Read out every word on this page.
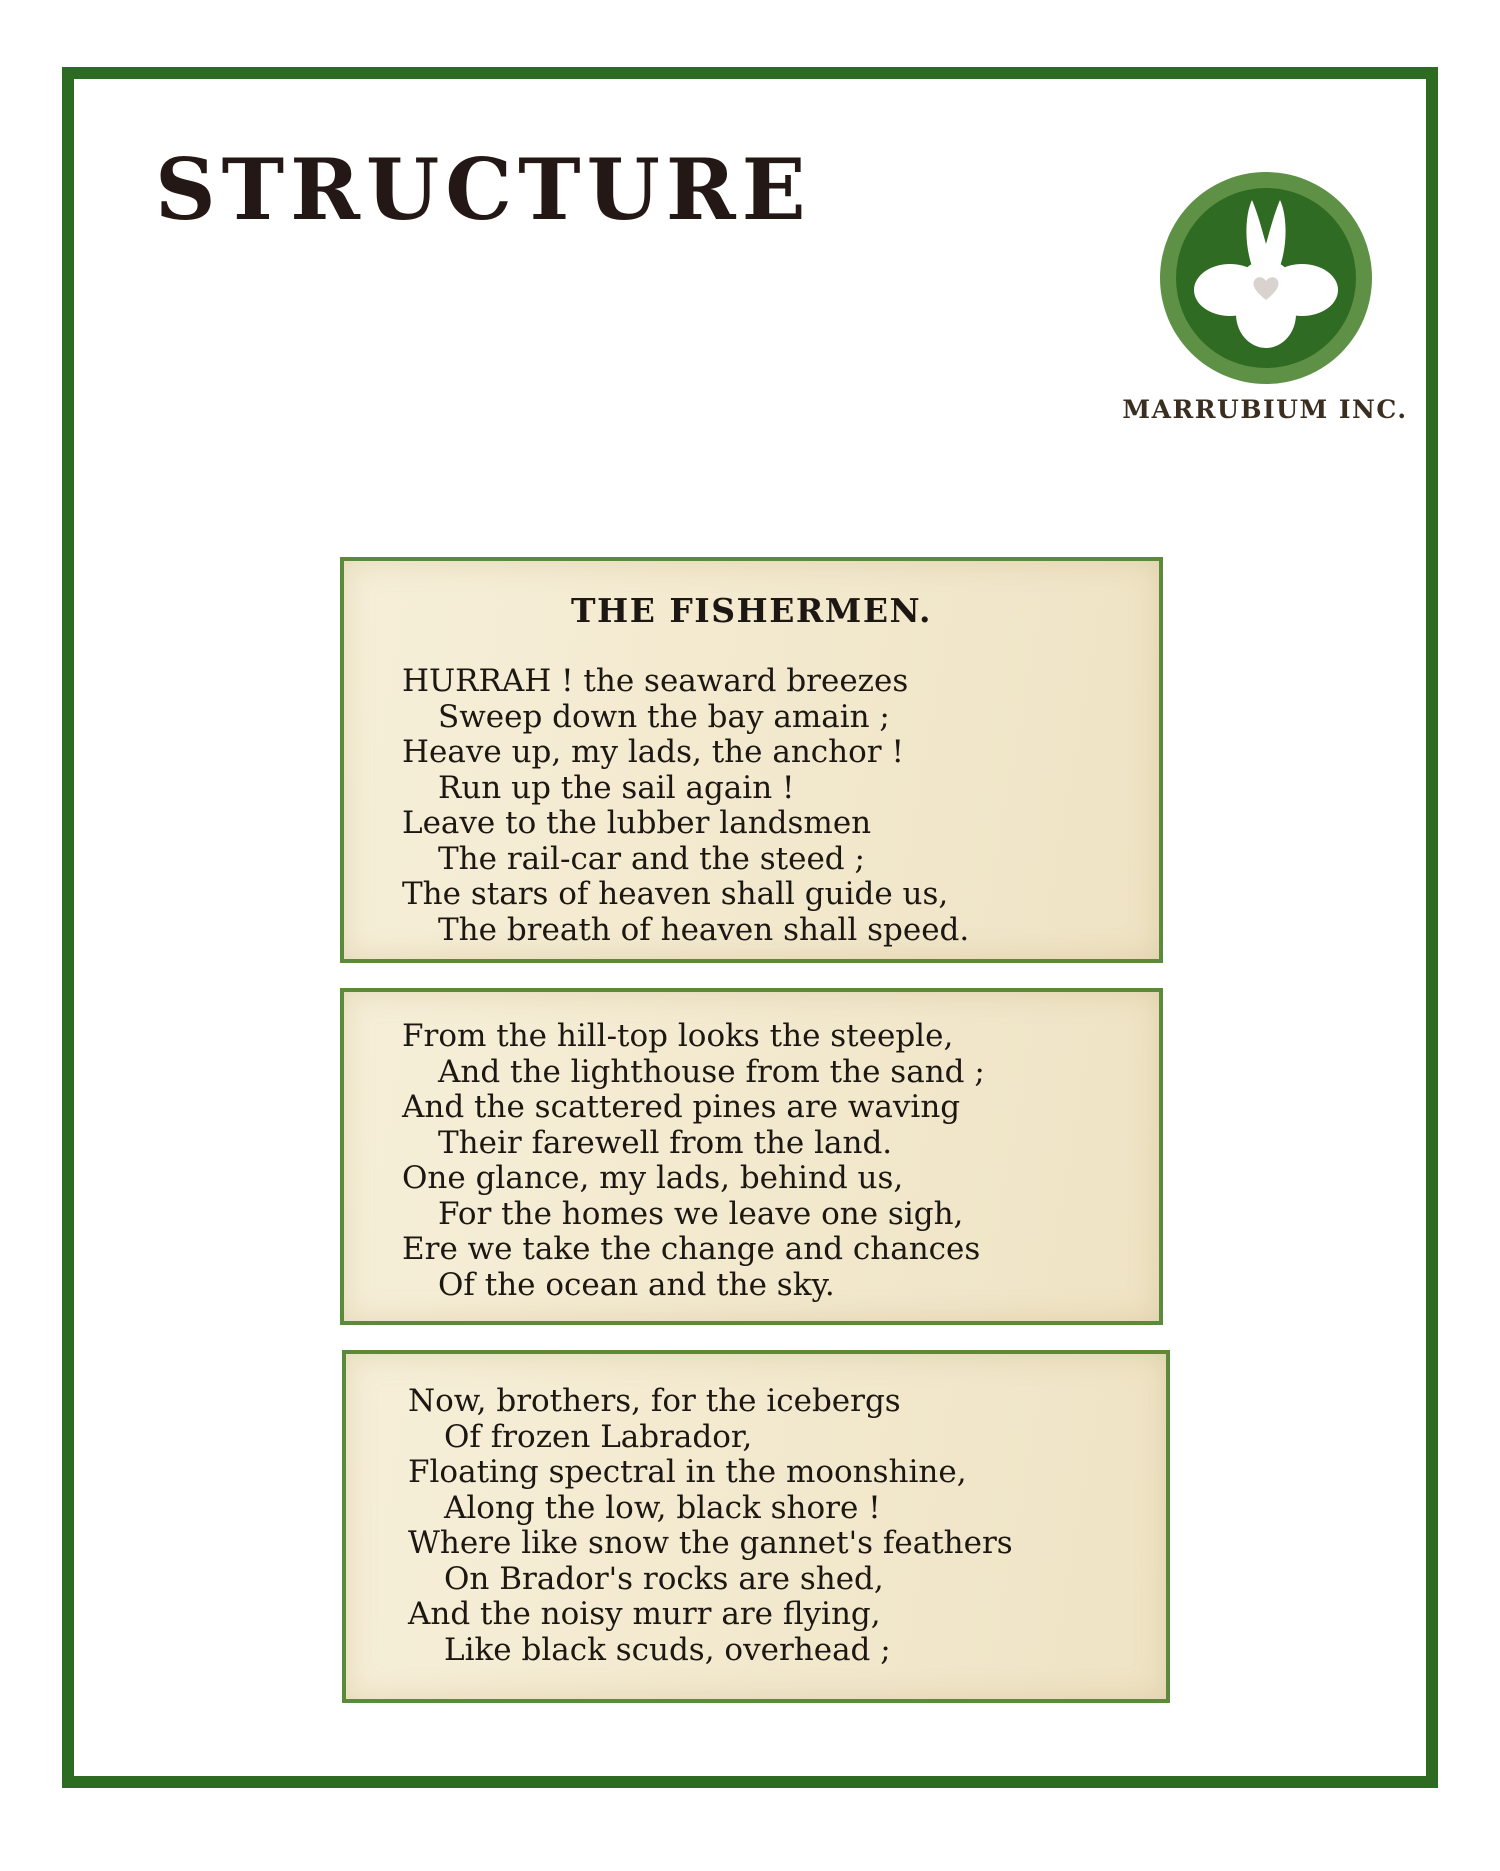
STRUCTURE
MARRUBIUM INC.
THE FISHERMEN.
HURRAH ! the seaward breezes
Sweep down the bay amain ;
Heave up, my lads, the anchor !
Run up the sail again !
Leave to the lubber landsmen
The rail-car and the steed ;
The stars of heaven shall guide us,
The breath of heaven shall speed.
From the hill-top looks the steeple,
And the lighthouse from the sand ;
And the scattered pines are waving
Their farewell from the land.
One glance, my lads, behind us,
For the homes we leave one sigh,
Ere we take the change and chances
Of the ocean and the sky.
Now, brothers, for the icebergs
Of frozen Labrador,
Floating spectral in the moonshine,
Along the low, black shore !
Where like snow the gannet's feathers
On Brador's rocks are shed,
And the noisy murr are flying,
Like black scuds, overhead ;
